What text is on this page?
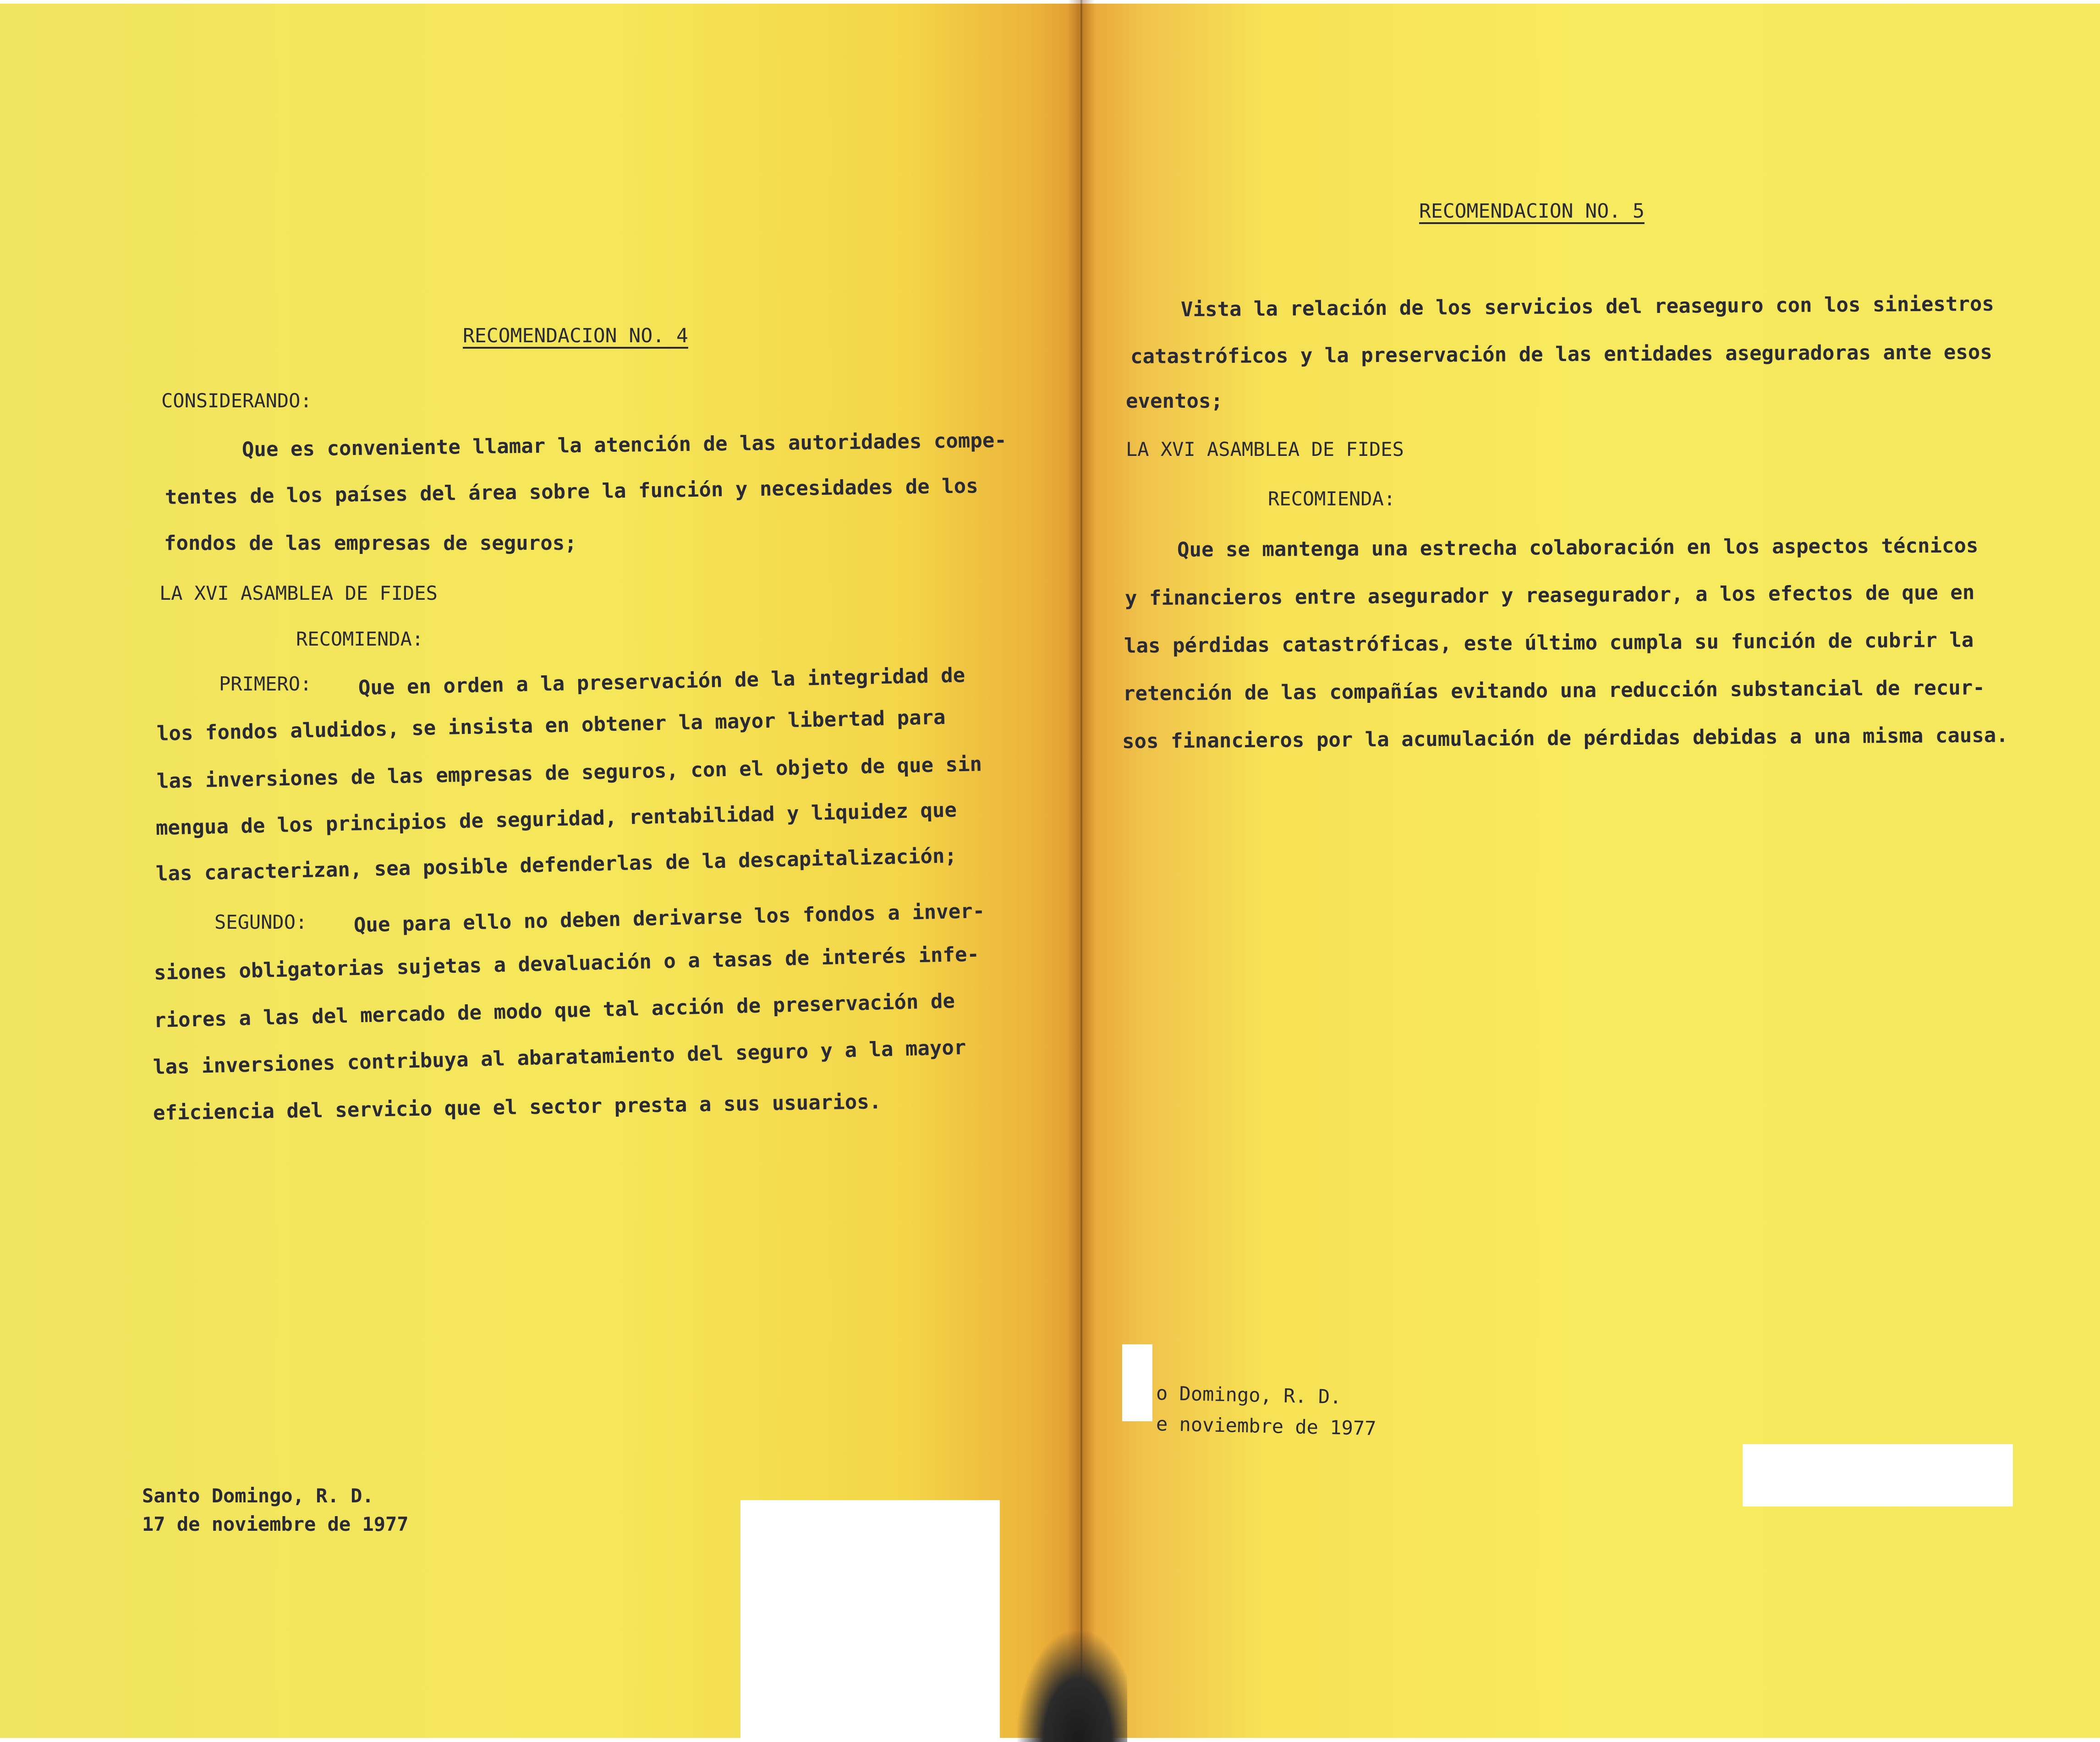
RECOMENDACION NO. 4
CONSIDERANDO:
Que es conveniente llamar la atención de las autoridades compe-
tentes de los países del área sobre la función y necesidades de los
fondos de las empresas de seguros;
LA XVI ASAMBLEA DE FIDES
RECOMIENDA:
PRIMERO: Que en orden a la preservación de la integridad de
los fondos aludidos, se insista en obtener la mayor libertad para
las inversiones de las empresas de seguros, con el objeto de que sin
mengua de los principios de seguridad, rentabilidad y liquidez que
las caracterizan, sea posible defenderlas de la descapitalización;
SEGUNDO: Que para ello no deben derivarse los fondos a inver-
siones obligatorias sujetas a devaluación o a tasas de interés infe-
riores a las del mercado de modo que tal acción de preservación de
las inversiones contribuya al abaratamiento del seguro y a la mayor
eficiencia del servicio que el sector presta a sus usuarios.
Santo Domingo, R. D.
17 de noviembre de 1977
RECOMENDACION NO. 5
Vista la relación de los servicios del reaseguro con los siniestros
catastróficos y la preservación de las entidades aseguradoras ante esos
eventos;
LA XVI ASAMBLEA DE FIDES
RECOMIENDA:
Que se mantenga una estrecha colaboración en los aspectos técnicos
y financieros entre asegurador y reasegurador, a los efectos de que en
las pérdidas catastróficas, este último cumpla su función de cubrir la
retención de las compañías evitando una reducción substancial de recur-
sos financieros por la acumulación de pérdidas debidas a una misma causa.
o Domingo, R. D.
e noviembre de 1977
